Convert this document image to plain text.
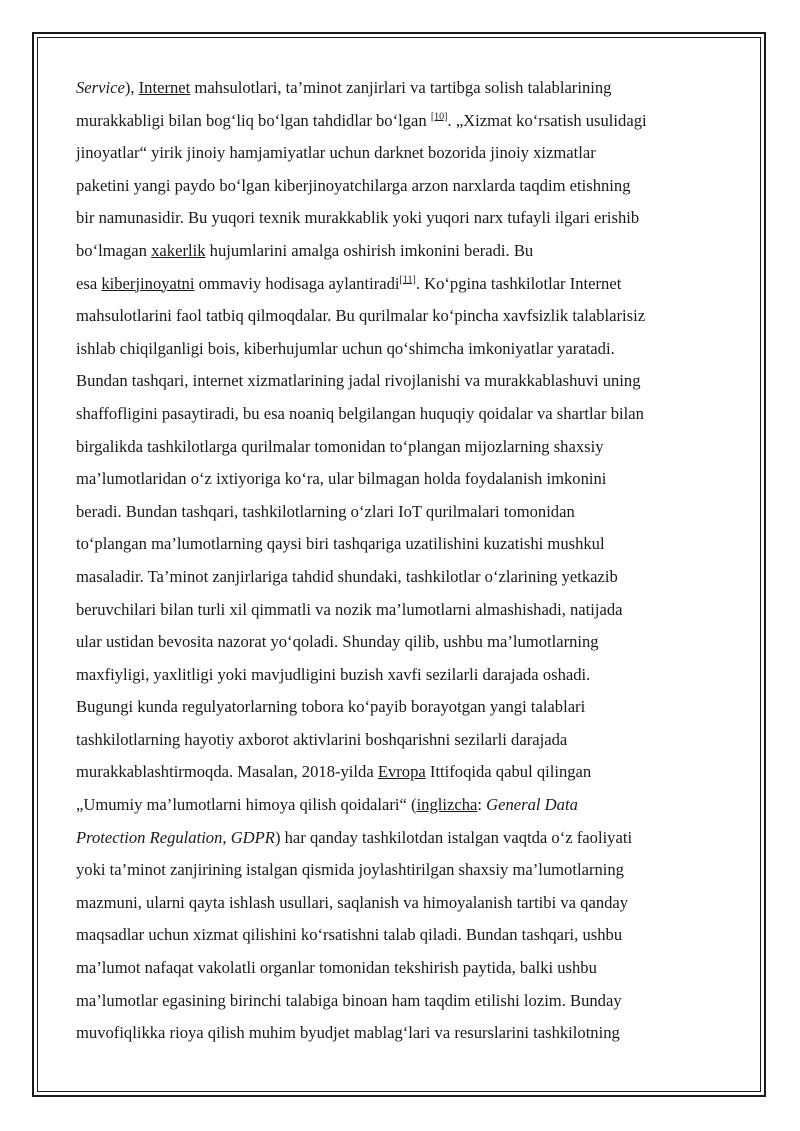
Service), Internet mahsulotlari, ta’minot zanjirlari va tartibga solish talablarining
murakkabligi bilan bog‘liq bo‘lgan tahdidlar bo‘lgan [10]. „Xizmat ko‘rsatish usulidagi
jinoyatlar“ yirik jinoiy hamjamiyatlar uchun darknet bozorida jinoiy xizmatlar
paketini yangi paydo bo‘lgan kiberjinoyatchilarga arzon narxlarda taqdim etishning
bir namunasidir. Bu yuqori texnik murakkablik yoki yuqori narx tufayli ilgari erishib
bo‘lmagan xakerlik hujumlarini amalga oshirish imkonini beradi. Bu
esa kiberjinoyatni ommaviy hodisaga aylantiradi[11]. Ko‘pgina tashkilotlar Internet
mahsulotlarini faol tatbiq qilmoqdalar. Bu qurilmalar ko‘pincha xavfsizlik talablarisiz
ishlab chiqilganligi bois, kiberhujumlar uchun qo‘shimcha imkoniyatlar yaratadi.
Bundan tashqari, internet xizmatlarining jadal rivojlanishi va murakkablashuvi uning
shaffofligini pasaytiradi, bu esa noaniq belgilangan huquqiy qoidalar va shartlar bilan
birgalikda tashkilotlarga qurilmalar tomonidan to‘plangan mijozlarning shaxsiy
ma’lumotlaridan o‘z ixtiyoriga ko‘ra, ular bilmagan holda foydalanish imkonini
beradi. Bundan tashqari, tashkilotlarning o‘zlari IoT qurilmalari tomonidan
to‘plangan ma’lumotlarning qaysi biri tashqariga uzatilishini kuzatishi mushkul
masaladir. Ta’minot zanjirlariga tahdid shundaki, tashkilotlar o‘zlarining yetkazib
beruvchilari bilan turli xil qimmatli va nozik ma’lumotlarni almashishadi, natijada
ular ustidan bevosita nazorat yo‘qoladi. Shunday qilib, ushbu ma’lumotlarning
maxfiyligi, yaxlitligi yoki mavjudligini buzish xavfi sezilarli darajada oshadi.
Bugungi kunda regulyatorlarning tobora ko‘payib borayotgan yangi talablari
tashkilotlarning hayotiy axborot aktivlarini boshqarishni sezilarli darajada
murakkablashtirmoqda. Masalan, 2018-yilda Evropa Ittifoqida qabul qilingan
„Umumiy ma’lumotlarni himoya qilish qoidalari“ (inglizcha: General Data
Protection Regulation, GDPR) har qanday tashkilotdan istalgan vaqtda o‘z faoliyati
yoki ta’minot zanjirining istalgan qismida joylashtirilgan shaxsiy ma’lumotlarning
mazmuni, ularni qayta ishlash usullari, saqlanish va himoyalanish tartibi va qanday
maqsadlar uchun xizmat qilishini ko‘rsatishni talab qiladi. Bundan tashqari, ushbu
ma’lumot nafaqat vakolatli organlar tomonidan tekshirish paytida, balki ushbu
ma’lumotlar egasining birinchi talabiga binoan ham taqdim etilishi lozim. Bunday
muvofiqlikka rioya qilish muhim byudjet mablag‘lari va resurslarini tashkilotning
